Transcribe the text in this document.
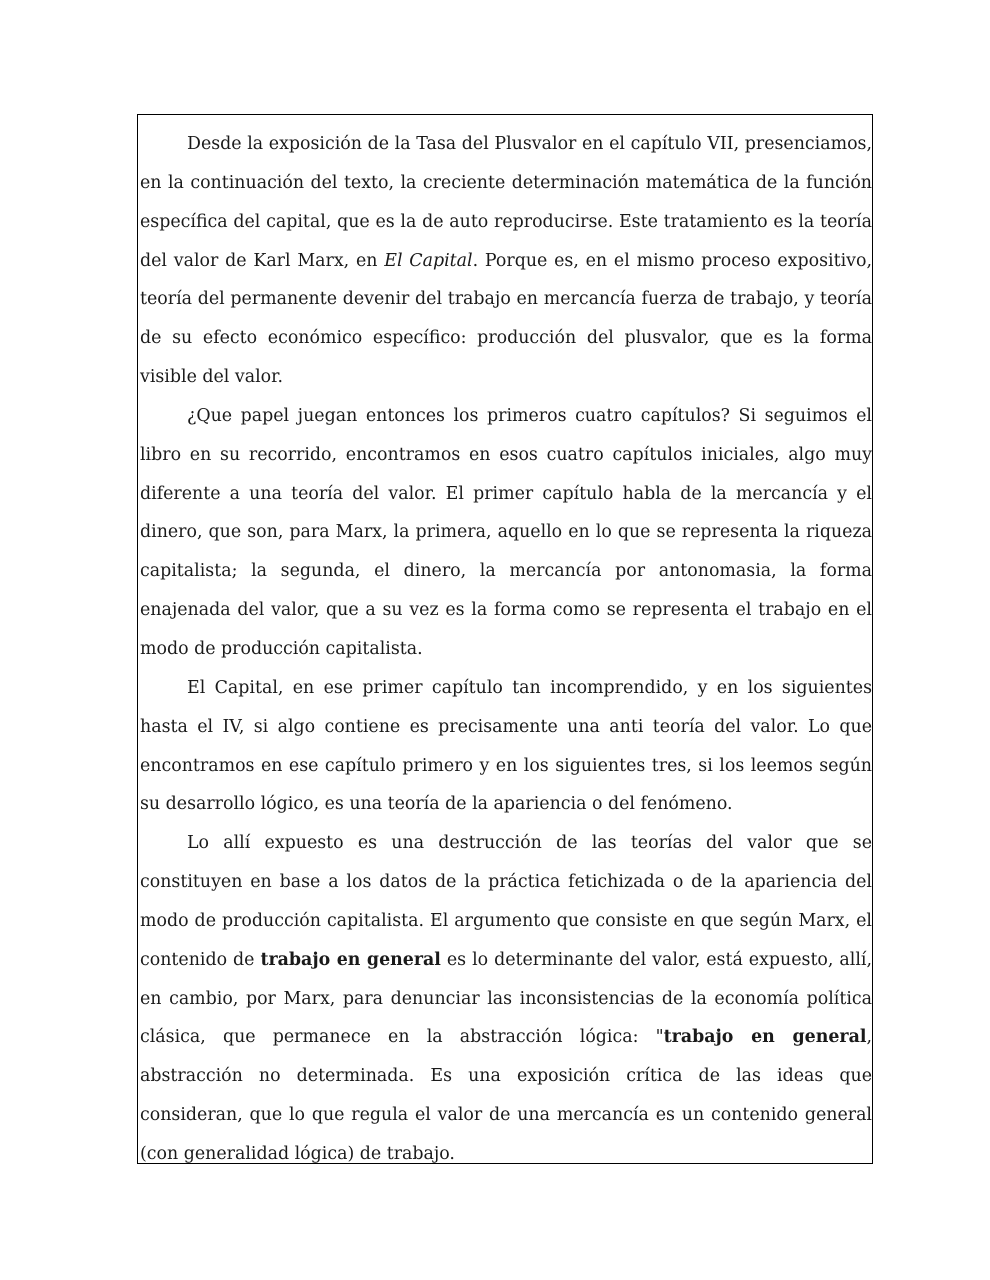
Desde la exposición de la Tasa del Plusvalor en el capítulo VII, presenciamos, en la continuación del texto, la creciente determinación matemática de la función específica del capital, que es la de auto reproducirse. Este tratamiento es la teoría del valor de Karl Marx, en El Capital. Porque es, en el mismo proceso expositivo, teoría del permanente devenir del trabajo en mercancía fuerza de trabajo, y teoría de su efecto económico específico: producción del plusvalor, que es la forma visible del valor.

¿Que papel juegan entonces los primeros cuatro capítulos? Si seguimos el libro en su recorrido, encontramos en esos cuatro capítulos iniciales, algo muy diferente a una teoría del valor. El primer capítulo habla de la mercancía y el dinero, que son, para Marx, la primera, aquello en lo que se representa la riqueza capitalista; la segunda, el dinero, la mercancía por antonomasia, la forma enajenada del valor, que a su vez es la forma como se representa el trabajo en el modo de producción capitalista.

El Capital, en ese primer capítulo tan incomprendido, y en los siguientes hasta el IV, si algo contiene es precisamente una anti teoría del valor. Lo que encontramos en ese capítulo primero y en los siguientes tres, si los leemos según su desarrollo lógico, es una teoría de la apariencia o del fenómeno.

Lo allí expuesto es una destrucción de las teorías del valor que se constituyen en base a los datos de la práctica fetichizada o de la apariencia del modo de producción capitalista. El argumento que consiste en que según Marx, el contenido de trabajo en general es lo determinante del valor, está expuesto, allí, en cambio, por Marx, para denunciar las inconsistencias de la economía política clásica, que permanece en la abstracción lógica: "trabajo en general, abstracción no determinada. Es una exposición crítica de las ideas que consideran, que lo que regula el valor de una mercancía es un contenido general (con generalidad lógica) de trabajo.
